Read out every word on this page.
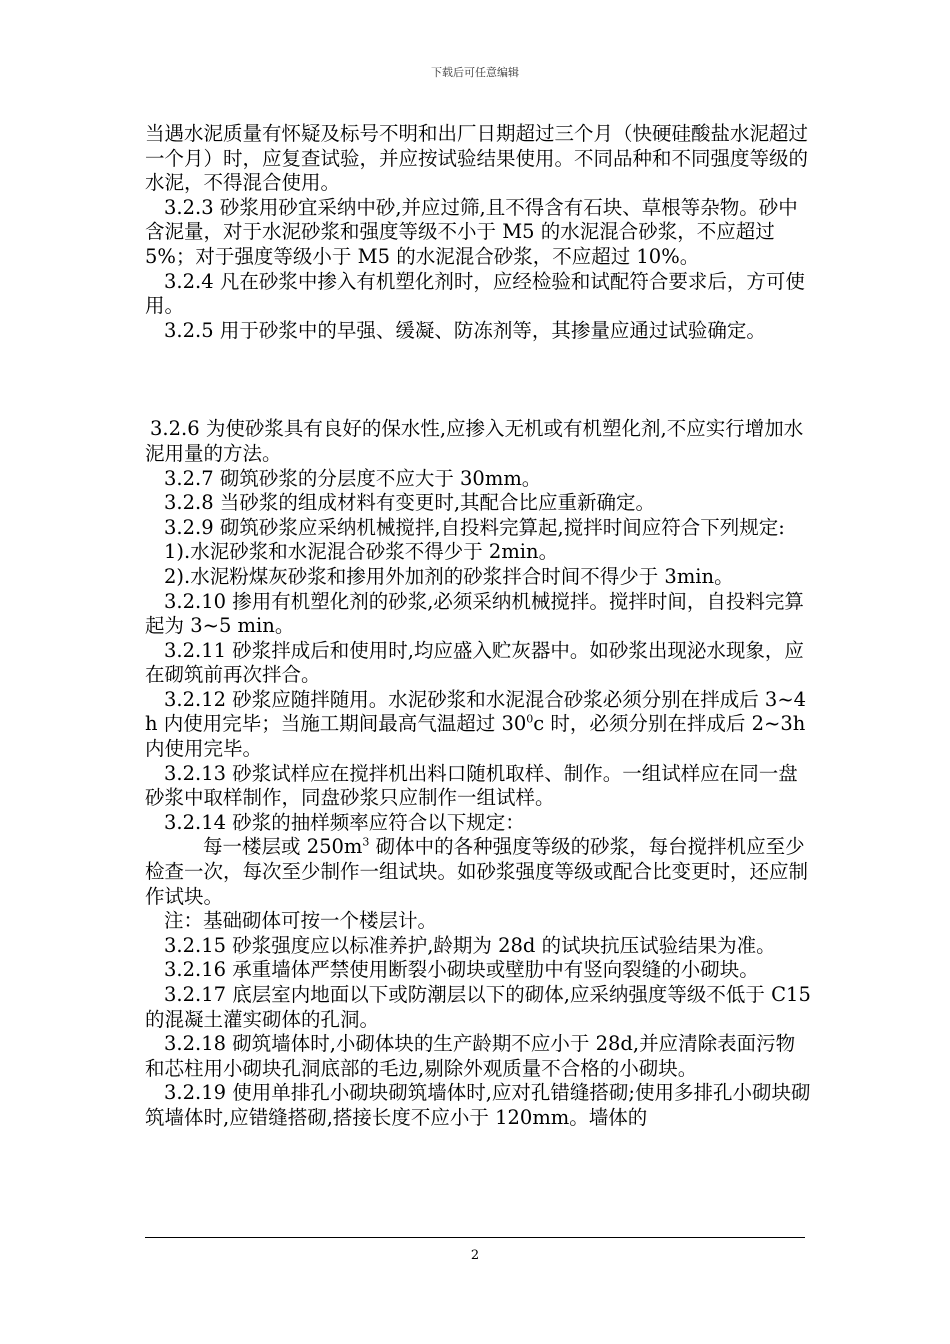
下载后可任意编辑

当遇水泥质量有怀疑及标号不明和出厂日期超过三个月（快硬硅酸盐水泥超过一个月）时，应复查试验，并应按试验结果使用。不同品种和不同强度等级的水泥，不得混合使用。

3.2.3 砂浆用砂宜采纳中砂,并应过筛,且不得含有石块、草根等杂物。砂中含泥量，对于水泥砂浆和强度等级不小于 M5 的水泥混合砂浆，不应超过 5%；对于强度等级小于 M5 的水泥混合砂浆，不应超过 10%。

3.2.4 凡在砂浆中掺入有机塑化剂时，应经检验和试配符合要求后，方可使用。

3.2.5 用于砂浆中的早强、缓凝、防冻剂等，其掺量应通过试验确定。

3.2.6 为使砂浆具有良好的保水性,应掺入无机或有机塑化剂,不应实行增加水泥用量的方法。

3.2.7 砌筑砂浆的分层度不应大于 30mm。

3.2.8 当砂浆的组成材料有变更时,其配合比应重新确定。

3.2.9 砌筑砂浆应采纳机械搅拌,自投料完算起,搅拌时间应符合下列规定:

1).水泥砂浆和水泥混合砂浆不得少于 2min。

2).水泥粉煤灰砂浆和掺用外加剂的砂浆拌合时间不得少于 3min。

3.2.10 掺用有机塑化剂的砂浆,必须采纳机械搅拌。搅拌时间，自投料完算起为 3~5 min。

3.2.11 砂浆拌成后和使用时,均应盛入贮灰器中。如砂浆出现泌水现象，应在砌筑前再次拌合。

3.2.12 砂浆应随拌随用。水泥砂浆和水泥混合砂浆必须分别在拌成后 3~4h 内使用完毕；当施工期间最高气温超过 $30^0c$ 时，必须分别在拌成后 2~3h 内使用完毕。

3.2.13 砂浆试样应在搅拌机出料口随机取样、制作。一组试样应在同一盘砂浆中取样制作，同盘砂浆只应制作一组试样。

3.2.14 砂浆的抽样频率应符合以下规定：

每一楼层或 $250m^3$ 砌体中的各种强度等级的砂浆，每台搅拌机应至少检查一次，每次至少制作一组试块。如砂浆强度等级或配合比变更时，还应制作试块。

注：基础砌体可按一个楼层计。

3.2.15 砂浆强度应以标准养护,龄期为 28d 的试块抗压试验结果为准。

3.2.16 承重墙体严禁使用断裂小砌块或壁肋中有竖向裂缝的小砌块。

3.2.17 底层室内地面以下或防潮层以下的砌体,应采纳强度等级不低于 C15 的混凝土灌实砌体的孔洞。

3.2.18 砌筑墙体时,小砌体块的生产龄期不应小于 28d,并应清除表面污物和芯柱用小砌块孔洞底部的毛边,剔除外观质量不合格的小砌块。

3.2.19 使用单排孔小砌块砌筑墙体时,应对孔错缝搭砌;使用多排孔小砌块砌筑墙体时,应错缝搭砌,搭接长度不应小于 120mm。墙体的

2
